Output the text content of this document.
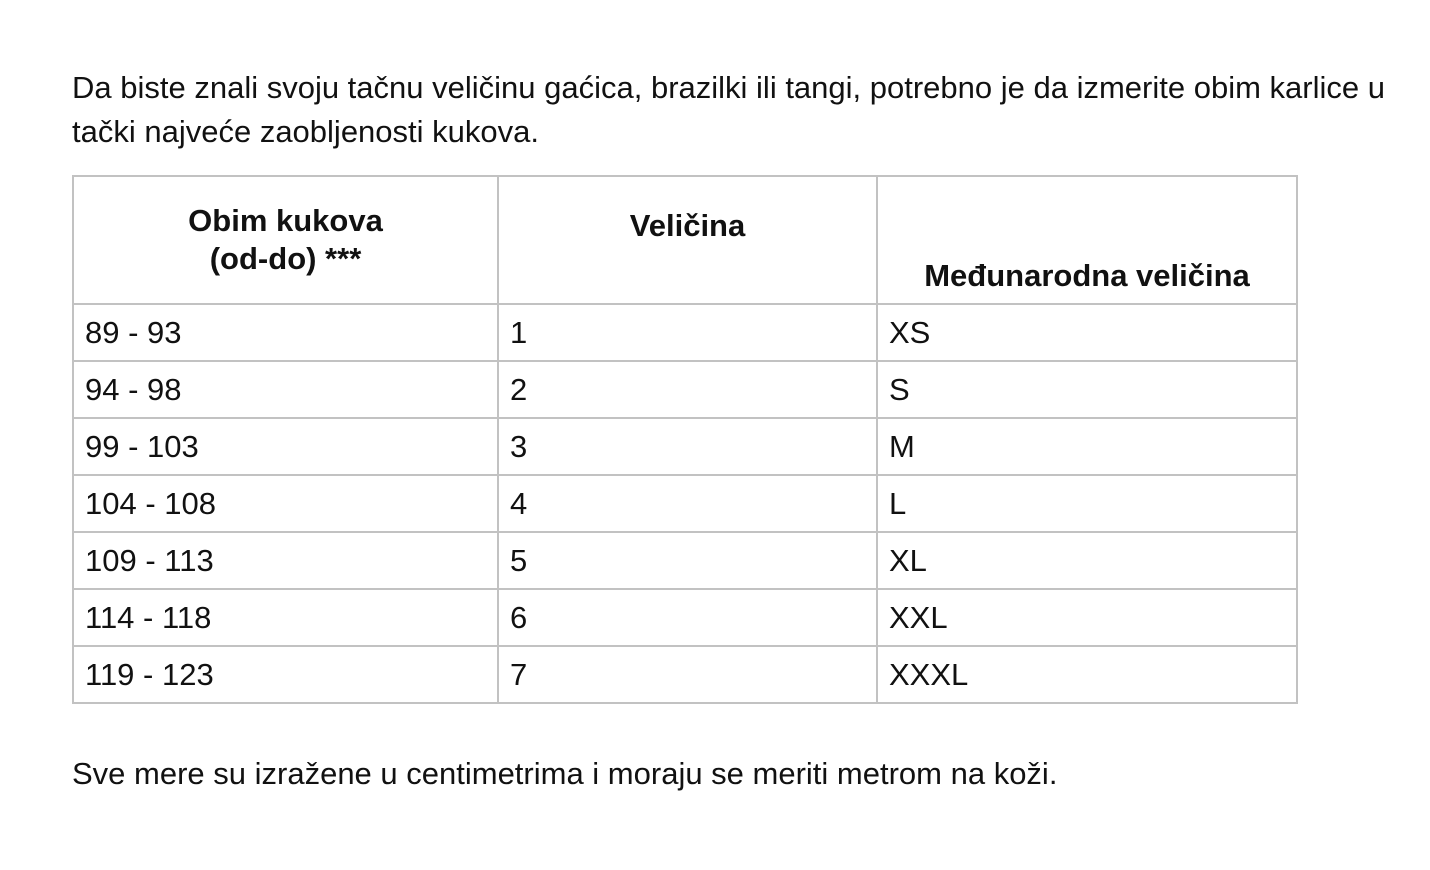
Da biste znali svoju tačnu veličinu gaćica, brazilki ili tangi, potrebno je da izmerite obim karlice u tački najveće zaobljenosti kukova.

Obim kukova
(od-do) ***	Veličina	Međunarodna veličina
89 - 93	1	XS
94 - 98	2	S
99 - 103	3	M
104 - 108	4	L
109 - 113	5	XL
114 - 118	6	XXL
119 - 123	7	XXXL

Sve mere su izražene u centimetrima i moraju se meriti metrom na koži.
